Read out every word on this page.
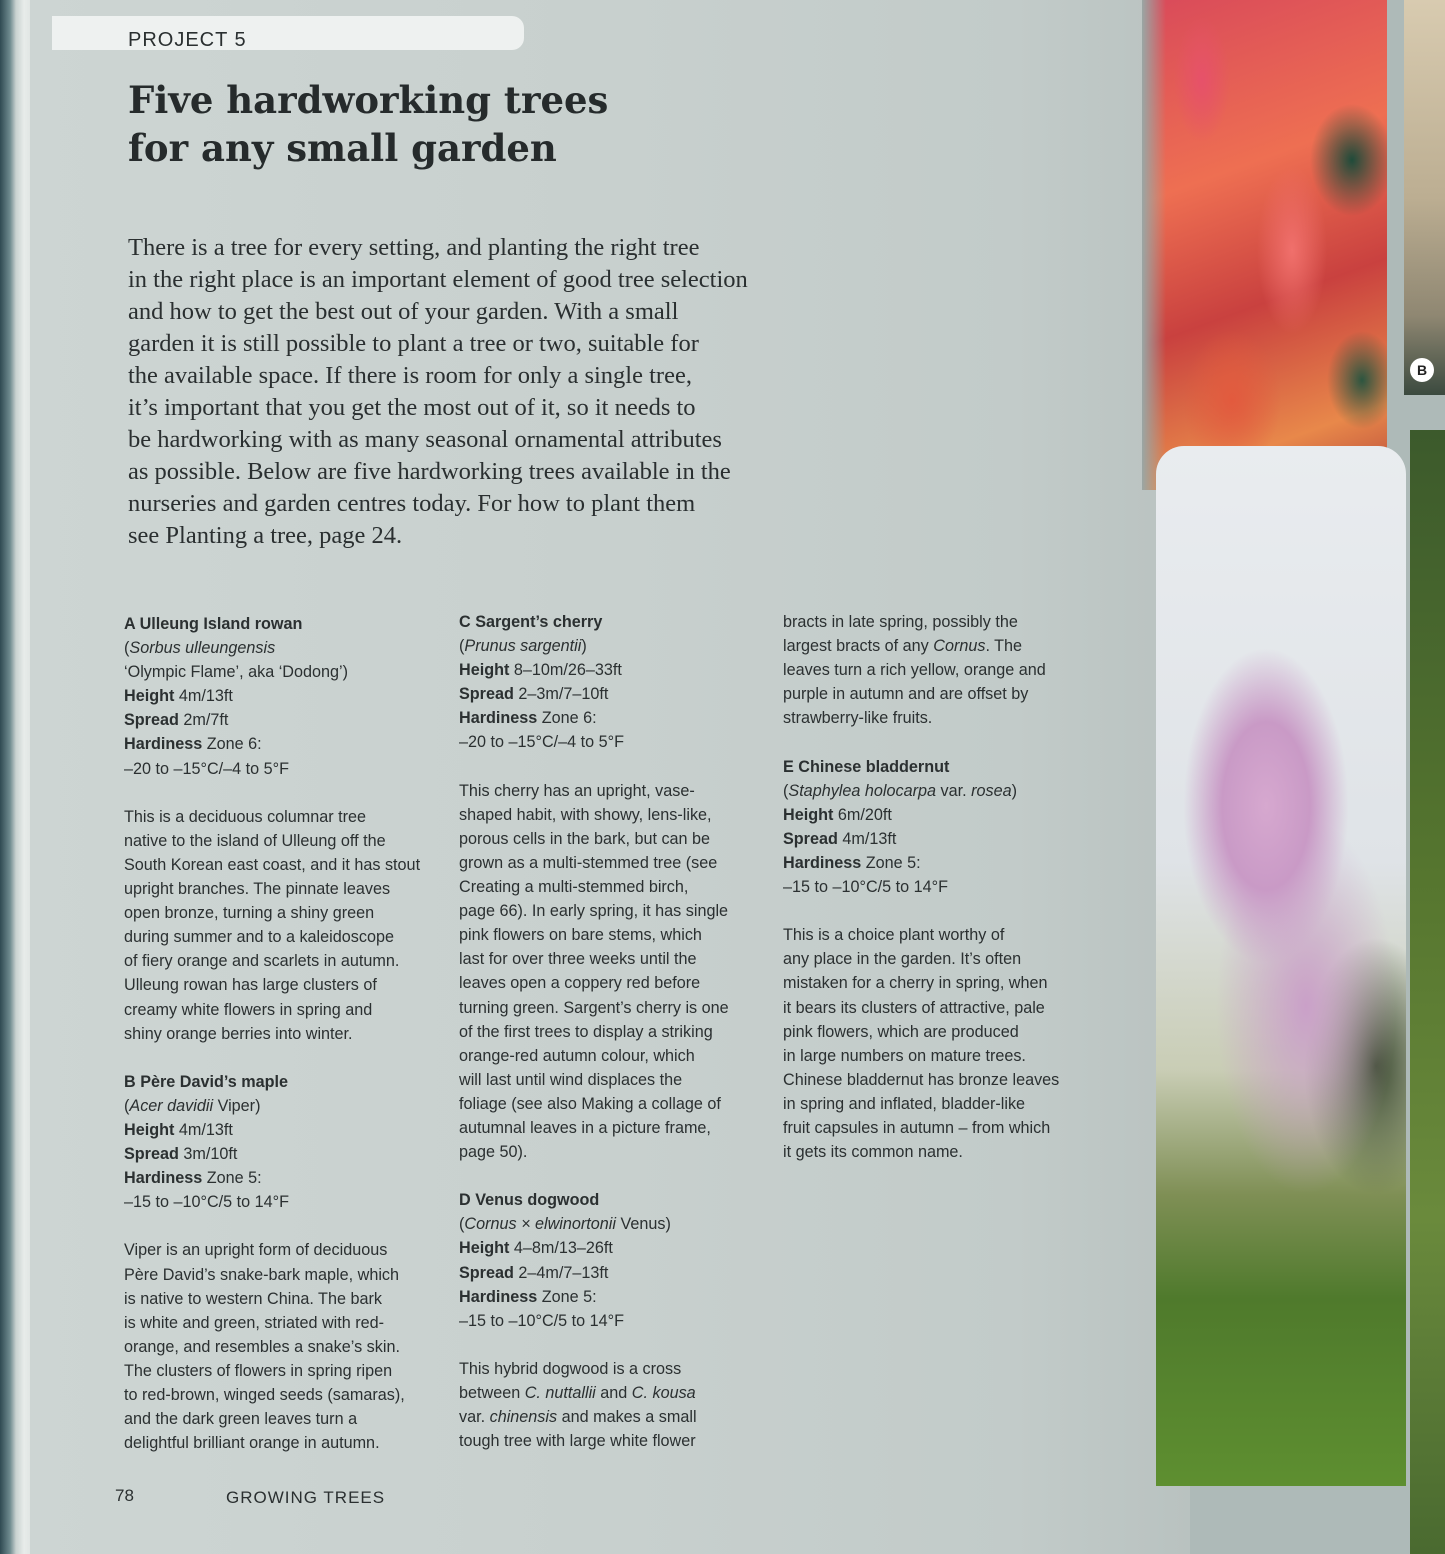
PROJECT 5
Five hardworking trees
for any small garden
There is a tree for every setting, and planting the right tree
in the right place is an important element of good tree selection
and how to get the best out of your garden. With a small
garden it is still possible to plant a tree or two, suitable for
the available space. If there is room for only a single tree,
it’s important that you get the most out of it, so it needs to
be hardworking with as many seasonal ornamental attributes
as possible. Below are five hardworking trees available in the
nurseries and garden centres today. For how to plant them
see Planting a tree, page 24.
A Ulleung Island rowan
(Sorbus ulleungensis
‘Olympic Flame’, aka ‘Dodong’)
Height 4m/13ft
Spread 2m/7ft
Hardiness Zone 6:
–20 to –15°C/–4 to 5°F
This is a deciduous columnar tree
native to the island of Ulleung off the
South Korean east coast, and it has stout
upright branches. The pinnate leaves
open bronze, turning a shiny green
during summer and to a kaleidoscope
of fiery orange and scarlets in autumn.
Ulleung rowan has large clusters of
creamy white flowers in spring and
shiny orange berries into winter.
B Père David’s maple
(Acer davidii Viper)
Height 4m/13ft
Spread 3m/10ft
Hardiness Zone 5:
–15 to –10°C/5 to 14°F
Viper is an upright form of deciduous
Père David’s snake-bark maple, which
is native to western China. The bark
is white and green, striated with red-
orange, and resembles a snake’s skin.
The clusters of flowers in spring ripen
to red-brown, winged seeds (samaras),
and the dark green leaves turn a
delightful brilliant orange in autumn.
C Sargent’s cherry
(Prunus sargentii)
Height 8–10m/26–33ft
Spread 2–3m/7–10ft
Hardiness Zone 6:
–20 to –15°C/–4 to 5°F
This cherry has an upright, vase-
shaped habit, with showy, lens-like,
porous cells in the bark, but can be
grown as a multi-stemmed tree (see
Creating a multi-stemmed birch,
page 66). In early spring, it has single
pink flowers on bare stems, which
last for over three weeks until the
leaves open a coppery red before
turning green. Sargent’s cherry is one
of the first trees to display a striking
orange-red autumn colour, which
will last until wind displaces the
foliage (see also Making a collage of
autumnal leaves in a picture frame,
page 50).
D Venus dogwood
(Cornus × elwinortonii Venus)
Height 4–8m/13–26ft
Spread 2–4m/7–13ft
Hardiness Zone 5:
–15 to –10°C/5 to 14°F
This hybrid dogwood is a cross
between C. nuttallii and C. kousa
var. chinensis and makes a small
tough tree with large white flower
bracts in late spring, possibly the
largest bracts of any Cornus. The
leaves turn a rich yellow, orange and
purple in autumn and are offset by
strawberry-like fruits.
E Chinese bladdernut
(Staphylea holocarpa var. rosea)
Height 6m/20ft
Spread 4m/13ft
Hardiness Zone 5:
–15 to –10°C/5 to 14°F
This is a choice plant worthy of
any place in the garden. It’s often
mistaken for a cherry in spring, when
it bears its clusters of attractive, pale
pink flowers, which are produced
in large numbers on mature trees.
Chinese bladdernut has bronze leaves
in spring and inflated, bladder-like
fruit capsules in autumn – from which
it gets its common name.
78	GROWING TREES
B
